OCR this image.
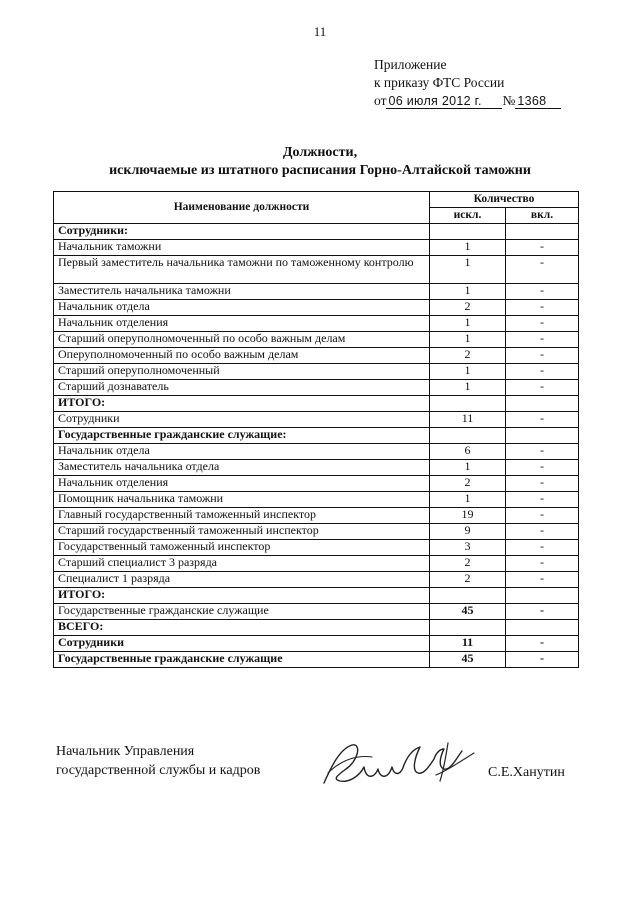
11
Приложение
к приказу ФТС России
от 06 июля 2012 г. № 1368
Должности,
исключаемые из штатного расписания Горно-Алтайской таможни
Наименование должности	Количество	
	искл.	вкл.
Сотрудники:		
Начальник таможни	1	-
Первый заместитель начальника таможни по таможенному контролю	1	-
Заместитель начальника таможни	1	-
Начальник отдела	2	-
Начальник отделения	1	-
Старший оперуполномоченный по особо важным делам	1	-
Оперуполномоченный по особо важным делам	2	-
Старший оперуполномоченный	1	-
Старший дознаватель	1	-
ИТОГО:		
Сотрудники	11	-
Государственные гражданские служащие:		
Начальник отдела	6	-
Заместитель начальника отдела	1	-
Начальник отделения	2	-
Помощник начальника таможни	1	-
Главный государственный таможенный инспектор	19	-
Старший государственный таможенный инспектор	9	-
Государственный таможенный инспектор	3	-
Старший специалист 3 разряда	2	-
Специалист 1 разряда	2	-
ИТОГО:		
Государственные гражданские служащие	45	-
ВСЕГО:		
Сотрудники	11	-
Государственные гражданские служащие	45	-
Начальник Управления
государственной службы и кадров	С.Е.Ханутин
